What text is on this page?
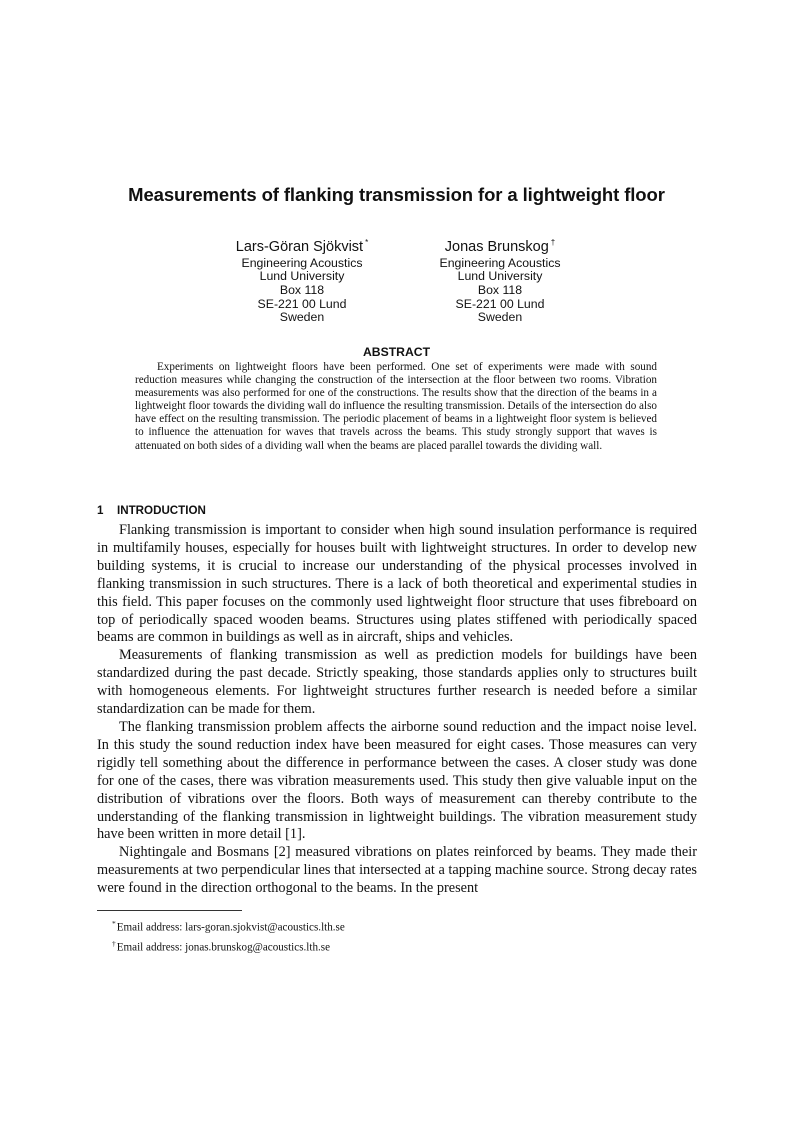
Measurements of flanking transmission for a lightweight floor
Lars-Göran Sjökvist *
Engineering Acoustics
Lund University
Box 118
SE-221 00 Lund
Sweden
Jonas Brunskog †
Engineering Acoustics
Lund University
Box 118
SE-221 00 Lund
Sweden
ABSTRACT

Experiments on lightweight floors have been performed. One set of experiments were made with sound reduction measures while changing the construction of the intersection at the floor between two rooms. Vibration measurements was also performed for one of the constructions. The results show that the direction of the beams in a lightweight floor towards the dividing wall do influence the resulting transmission. Details of the intersection do also have effect on the resulting transmission. The periodic placement of beams in a lightweight floor system is believed to influence the attenuation for waves that travels across the beams. This study strongly support that waves is attenuated on both sides of a dividing wall when the beams are placed parallel towards the dividing wall.

1 INTRODUCTION

Flanking transmission is important to consider when high sound insulation performance is required in multifamily houses, especially for houses built with lightweight structures. In order to develop new building systems, it is crucial to increase our understanding of the physical processes involved in flanking transmission in such structures. There is a lack of both theoretical and experimental studies in this field. This paper focuses on the commonly used lightweight floor structure that uses fibreboard on top of periodically spaced wooden beams. Structures using plates stiffened with periodically spaced beams are common in buildings as well as in aircraft, ships and vehicles.

Measurements of flanking transmission as well as prediction models for buildings have been standardized during the past decade. Strictly speaking, those standards applies only to structures built with homogeneous elements. For lightweight structures further research is needed before a similar standardization can be made for them.

The flanking transmission problem affects the airborne sound reduction and the impact noise level. In this study the sound reduction index have been measured for eight cases. Those measures can very rigidly tell something about the difference in performance between the cases. A closer study was done for one of the cases, there was vibration measurements used. This study then give valuable input on the distribution of vibrations over the floors. Both ways of measurement can thereby contribute to the understanding of the flanking transmission in lightweight buildings. The vibration measurement study have been written in more detail [1].

Nightingale and Bosmans [2] measured vibrations on plates reinforced by beams. They made their measurements at two perpendicular lines that intersected at a tapping machine source. Strong decay rates were found in the direction orthogonal to the beams. In the present

*Email address: lars-goran.sjokvist@acoustics.lth.se
†Email address: jonas.brunskog@acoustics.lth.se
